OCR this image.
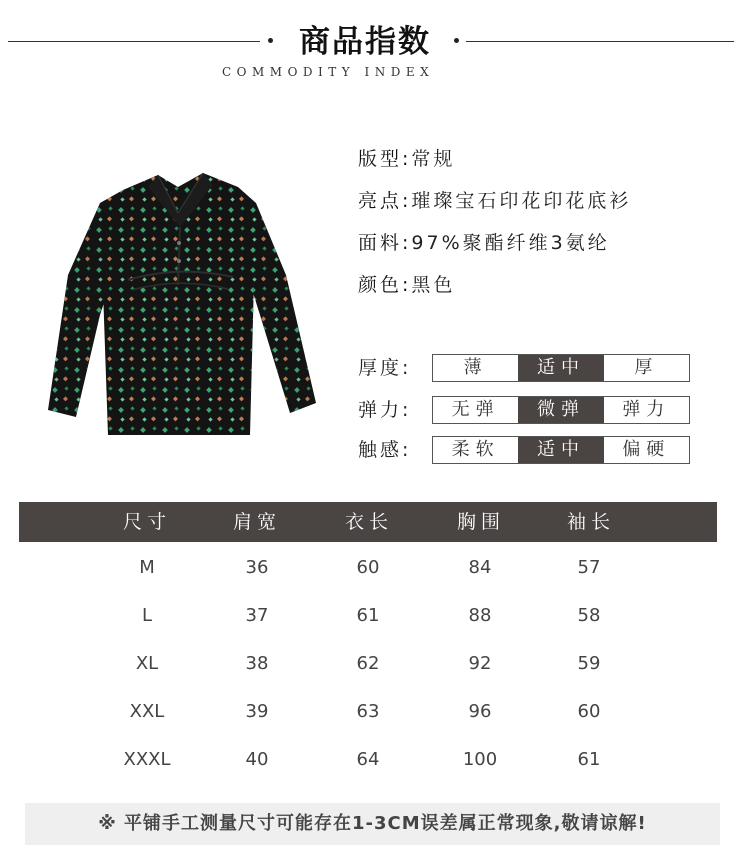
商品指数
COMMODITY INDEX
版型:常规
亮点:璀璨宝石印花印花底衫
面料:97%聚酯纤维3氨纶
颜色:黑色
厚度:	薄	适中	厚
弹力:	无弹	微弹	弹力
触感:	柔软	适中	偏硬
尺寸	肩宽	衣长	胸围	袖长
M	36	60	84	57
L	37	61	88	58
XL	38	62	92	59
XXL	39	63	96	60
XXXL	40	64	100	61
※ 平铺手工测量尺寸可能存在1-3CM误差属正常现象,敬请谅解!
